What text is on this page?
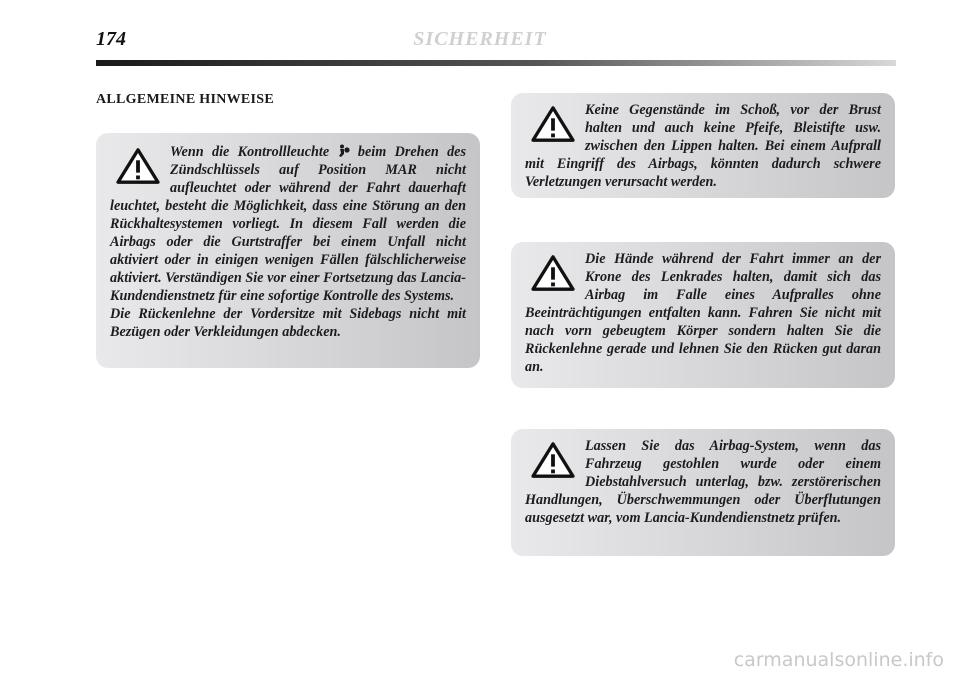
174	SICHERHEIT
ALLGEMEINE HINWEISE

Wenn die Kontrollleuchte  beim Drehen des Zündschlüssels auf Position MAR nicht aufleuchtet oder während der Fahrt dauerhaft leuchtet, besteht die Möglichkeit, dass eine Störung an den Rückhaltesystemen vorliegt. In diesem Fall werden die Airbags oder die Gurtstraffer bei einem Unfall nicht aktiviert oder in einigen wenigen Fällen fälschlicherweise aktiviert. Verständigen Sie vor einer Fortsetzung das Lancia-Kundendienstnetz für eine sofortige Kontrolle des Systems.

Die Rückenlehne der Vordersitze mit Sidebags nicht mit Bezügen oder Verkleidungen abdecken.

Keine Gegenstände im Schoß, vor der Brust halten und auch keine Pfeife, Bleistifte usw. zwischen den Lippen halten. Bei einem Aufprall mit Eingriff des Airbags, könnten dadurch schwere Verletzungen verursacht werden.

Die Hände während der Fahrt immer an der Krone des Lenkrades halten, damit sich das Airbag im Falle eines Aufpralles ohne Beeinträchtigungen entfalten kann. Fahren Sie nicht mit nach vorn gebeugtem Körper sondern halten Sie die Rückenlehne gerade und lehnen Sie den Rücken gut daran an.

Lassen Sie das Airbag-System, wenn das Fahrzeug gestohlen wurde oder einem Diebstahlversuch unterlag, bzw. zerstörerischen Handlungen, Überschwemmungen oder Überflutungen ausgesetzt war, vom Lancia-Kundendienstnetz prüfen.

carmanualsonline.info
